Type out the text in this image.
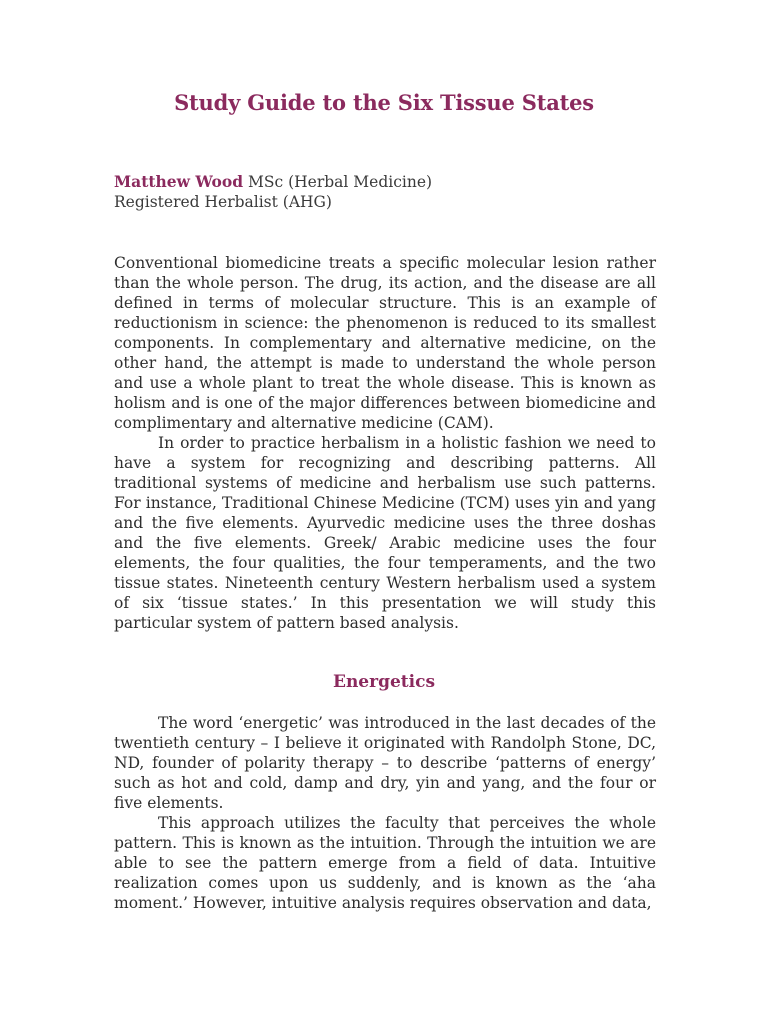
Study Guide to the Six Tissue States
Matthew Wood MSc (Herbal Medicine)
Registered Herbalist (AHG)

Conventional biomedicine treats a specific molecular lesion rather than the whole person. The drug, its action, and the disease are all defined in terms of molecular structure. This is an example of reductionism in science: the phenomenon is reduced to its smallest components. In complementary and alternative medicine, on the other hand, the attempt is made to understand the whole person and use a whole plant to treat the whole disease. This is known as holism and is one of the major differences between biomedicine and complimentary and alternative medicine (CAM).

In order to practice herbalism in a holistic fashion we need to have a system for recognizing and describing patterns. All traditional systems of medicine and herbalism use such patterns. For instance, Traditional Chinese Medicine (TCM) uses yin and yang and the five elements. Ayurvedic medicine uses the three doshas and the five elements. Greek/ Arabic medicine uses the four elements, the four qualities, the four temperaments, and the two tissue states. Nineteenth century Western herbalism used a system of six ‘tissue states.’ In this presentation we will study this particular system of pattern based analysis.

Energetics

The word ‘energetic’ was introduced in the last decades of the twentieth century – I believe it originated with Randolph Stone, DC, ND, founder of polarity therapy – to describe ‘patterns of energy’ such as hot and cold, damp and dry, yin and yang, and the four or five elements.

This approach utilizes the faculty that perceives the whole pattern. This is known as the intuition. Through the intuition we are able to see the pattern emerge from a field of data. Intuitive realization comes upon us suddenly, and is known as the ‘aha moment.’ However, intuitive analysis requires observation and data,
